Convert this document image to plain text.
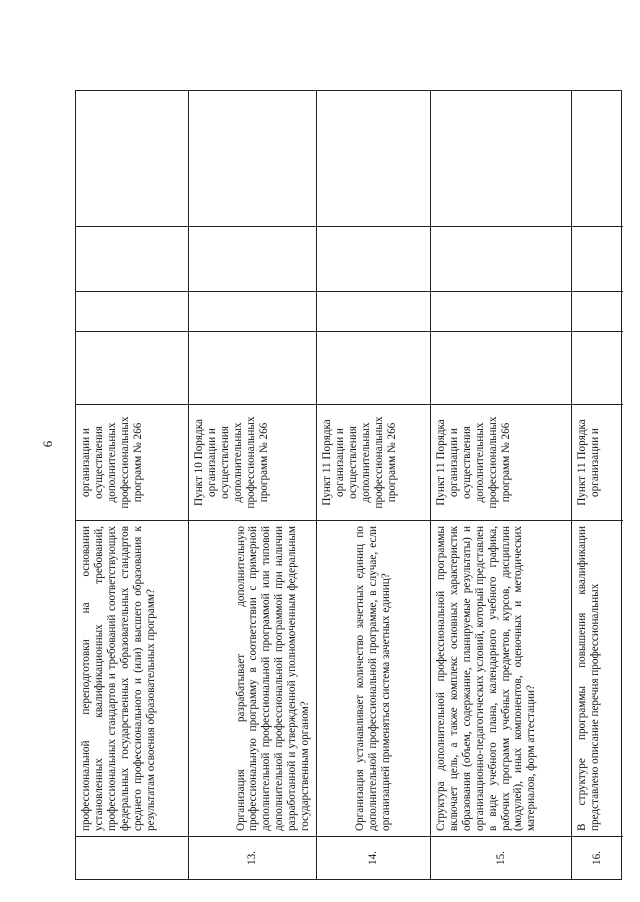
6
профессиональной переподготовки на основании установленных квалификационных требований, профессиональных стандартов и требований соответствующих федеральных государственных образовательных стандартов среднего профессионального и (или) высшего образования к результатам освоения образовательных программ?
организации и осуществления дополнительных профессиональных программ № 266
13.
Организация разрабатывает дополнительную профессиональную программу в соответствии с примерной дополнительной профессиональной программой или типовой дополнительной профессиональной программой при наличии разработанной и утвержденной уполномоченным федеральным государственным органом?
Пункт 10 Порядка организации и осуществления дополнительных профессиональных программ № 266
14.
Организация устанавливает количество зачетных единиц по дополнительной профессиональной программе, в случае, если организацией применяться система зачетных единиц?
Пункт 11 Порядка организации и осуществления дополнительных профессиональных программ № 266
15.
Структура дополнительной профессиональной программы включает цель, а также комплекс основных характеристик образования (объем, содержание, планируемые результаты) и организационно-педагогических условий, который представлен в виде учебного плана, календарного учебного графика, рабочих программ учебных предметов, курсов, дисциплин (модулей), иных компонентов, оценочных и методических материалов, форм аттестации?
Пункт 11 Порядка организации и осуществления дополнительных профессиональных программ № 266
16.
В структуре программы повышения квалификации представлено описание перечня профессиональных
Пункт 11 Порядка организации и
